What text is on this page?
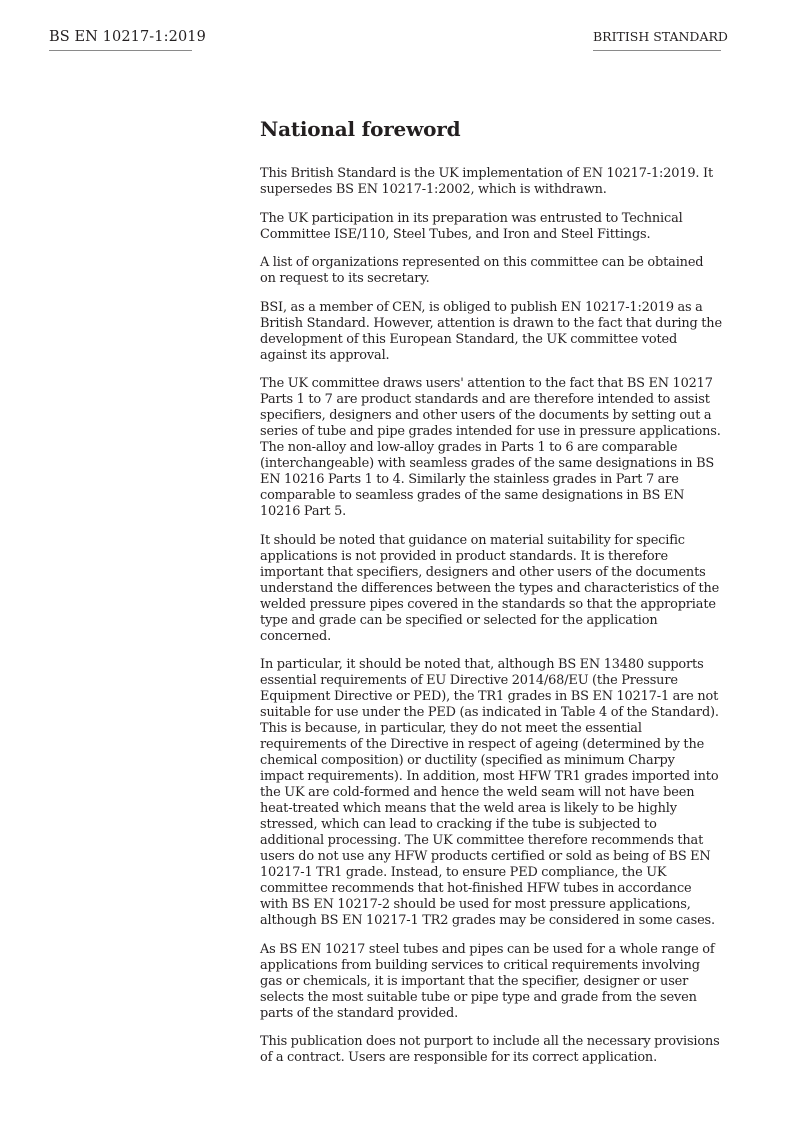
BS EN 10217-1:2019	BRITISH STANDARD
National foreword

This British Standard is the UK implementation of EN 10217-1:2019. It supersedes BS EN 10217-1:2002, which is withdrawn.

The UK participation in its preparation was entrusted to Technical Committee ISE/110, Steel Tubes, and Iron and Steel Fittings.

A list of organizations represented on this committee can be obtained on request to its secretary.

BSI, as a member of CEN, is obliged to publish EN 10217-1:2019 as a British Standard. However, attention is drawn to the fact that during the development of this European Standard, the UK committee voted against its approval.

The UK committee draws users' attention to the fact that BS EN 10217 Parts 1 to 7 are product standards and are therefore intended to assist specifiers, designers and other users of the documents by setting out a series of tube and pipe grades intended for use in pressure applications. The non-alloy and low-alloy grades in Parts 1 to 6 are comparable (interchangeable) with seamless grades of the same designations in BS EN 10216 Parts 1 to 4. Similarly the stainless grades in Part 7 are comparable to seamless grades of the same designations in BS EN 10216 Part 5.

It should be noted that guidance on material suitability for specific applications is not provided in product standards. It is therefore important that specifiers, designers and other users of the documents understand the differences between the types and characteristics of the welded pressure pipes covered in the standards so that the appropriate type and grade can be specified or selected for the application concerned.

In particular, it should be noted that, although BS EN 13480 supports essential requirements of EU Directive 2014/68/EU (the Pressure Equipment Directive or PED), the TR1 grades in BS EN 10217-1 are not suitable for use under the PED (as indicated in Table 4 of the Standard). This is because, in particular, they do not meet the essential requirements of the Directive in respect of ageing (determined by the chemical composition) or ductility (specified as minimum Charpy impact requirements). In addition, most HFW TR1 grades imported into the UK are cold-formed and hence the weld seam will not have been heat-treated which means that the weld area is likely to be highly stressed, which can lead to cracking if the tube is subjected to additional processing. The UK committee therefore recommends that users do not use any HFW products certified or sold as being of BS EN 10217-1 TR1 grade. Instead, to ensure PED compliance, the UK committee recommends that hot-finished HFW tubes in accordance with BS EN 10217-2 should be used for most pressure applications, although BS EN 10217-1 TR2 grades may be considered in some cases.

As BS EN 10217 steel tubes and pipes can be used for a whole range of applications from building services to critical requirements involving gas or chemicals, it is important that the specifier, designer or user selects the most suitable tube or pipe type and grade from the seven parts of the standard provided.

This publication does not purport to include all the necessary provisions of a contract. Users are responsible for its correct application.
